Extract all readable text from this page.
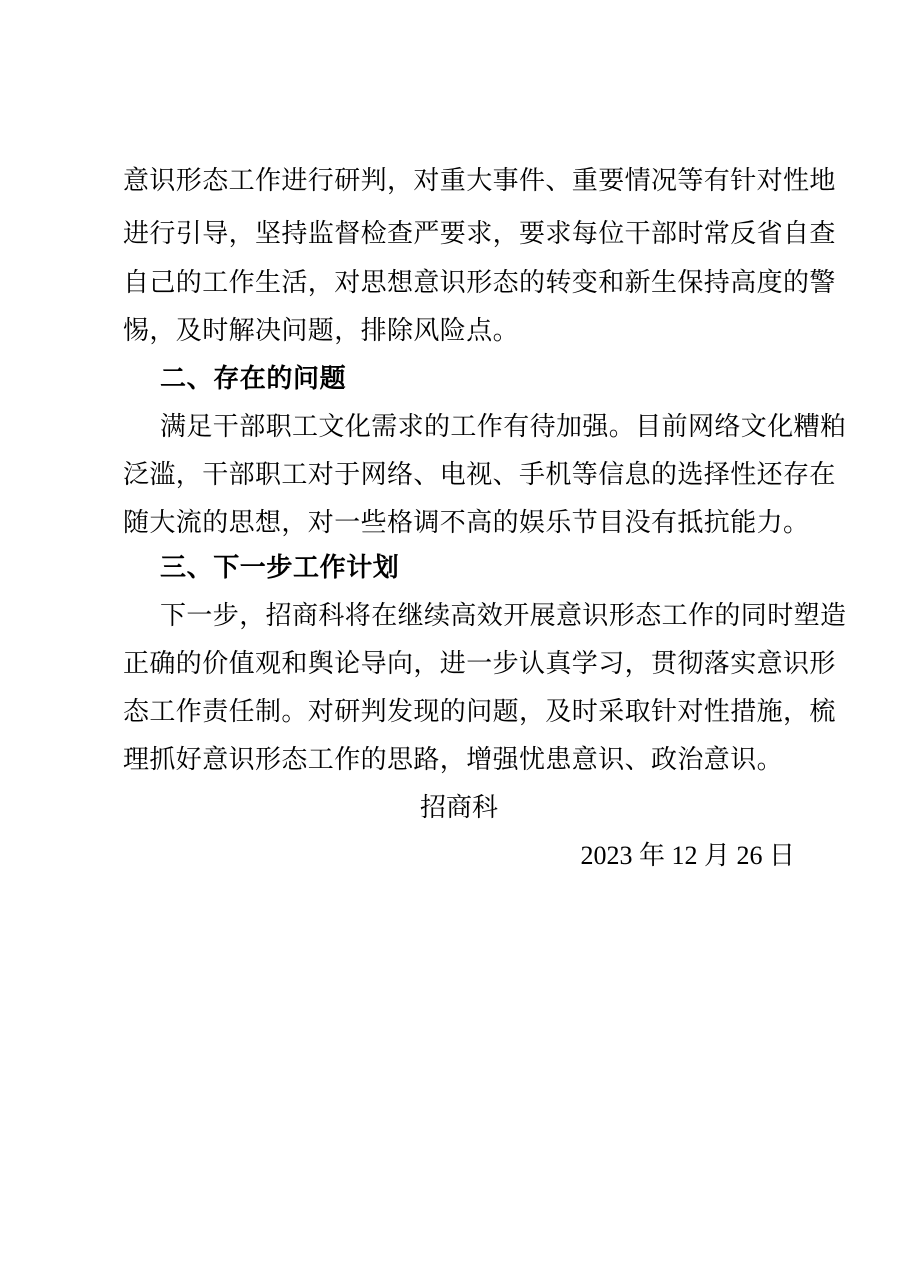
意识形态工作进行研判，对重大事件、重要情况等有针对性地
进行引导，坚持监督检查严要求，要求每位干部时常反省自查
自己的工作生活，对思想意识形态的转变和新生保持高度的警
惕，及时解决问题，排除风险点。
二、存在的问题
满足干部职工文化需求的工作有待加强。目前网络文化糟粕
泛滥，干部职工对于网络、电视、手机等信息的选择性还存在
随大流的思想，对一些格调不高的娱乐节目没有抵抗能力。
三、下一步工作计划
下一步，招商科将在继续高效开展意识形态工作的同时塑造
正确的价值观和舆论导向，进一步认真学习，贯彻落实意识形
态工作责任制。对研判发现的问题，及时采取针对性措施，梳
理抓好意识形态工作的思路，增强忧患意识、政治意识。
招商科
2023 年 12 月 26 日
